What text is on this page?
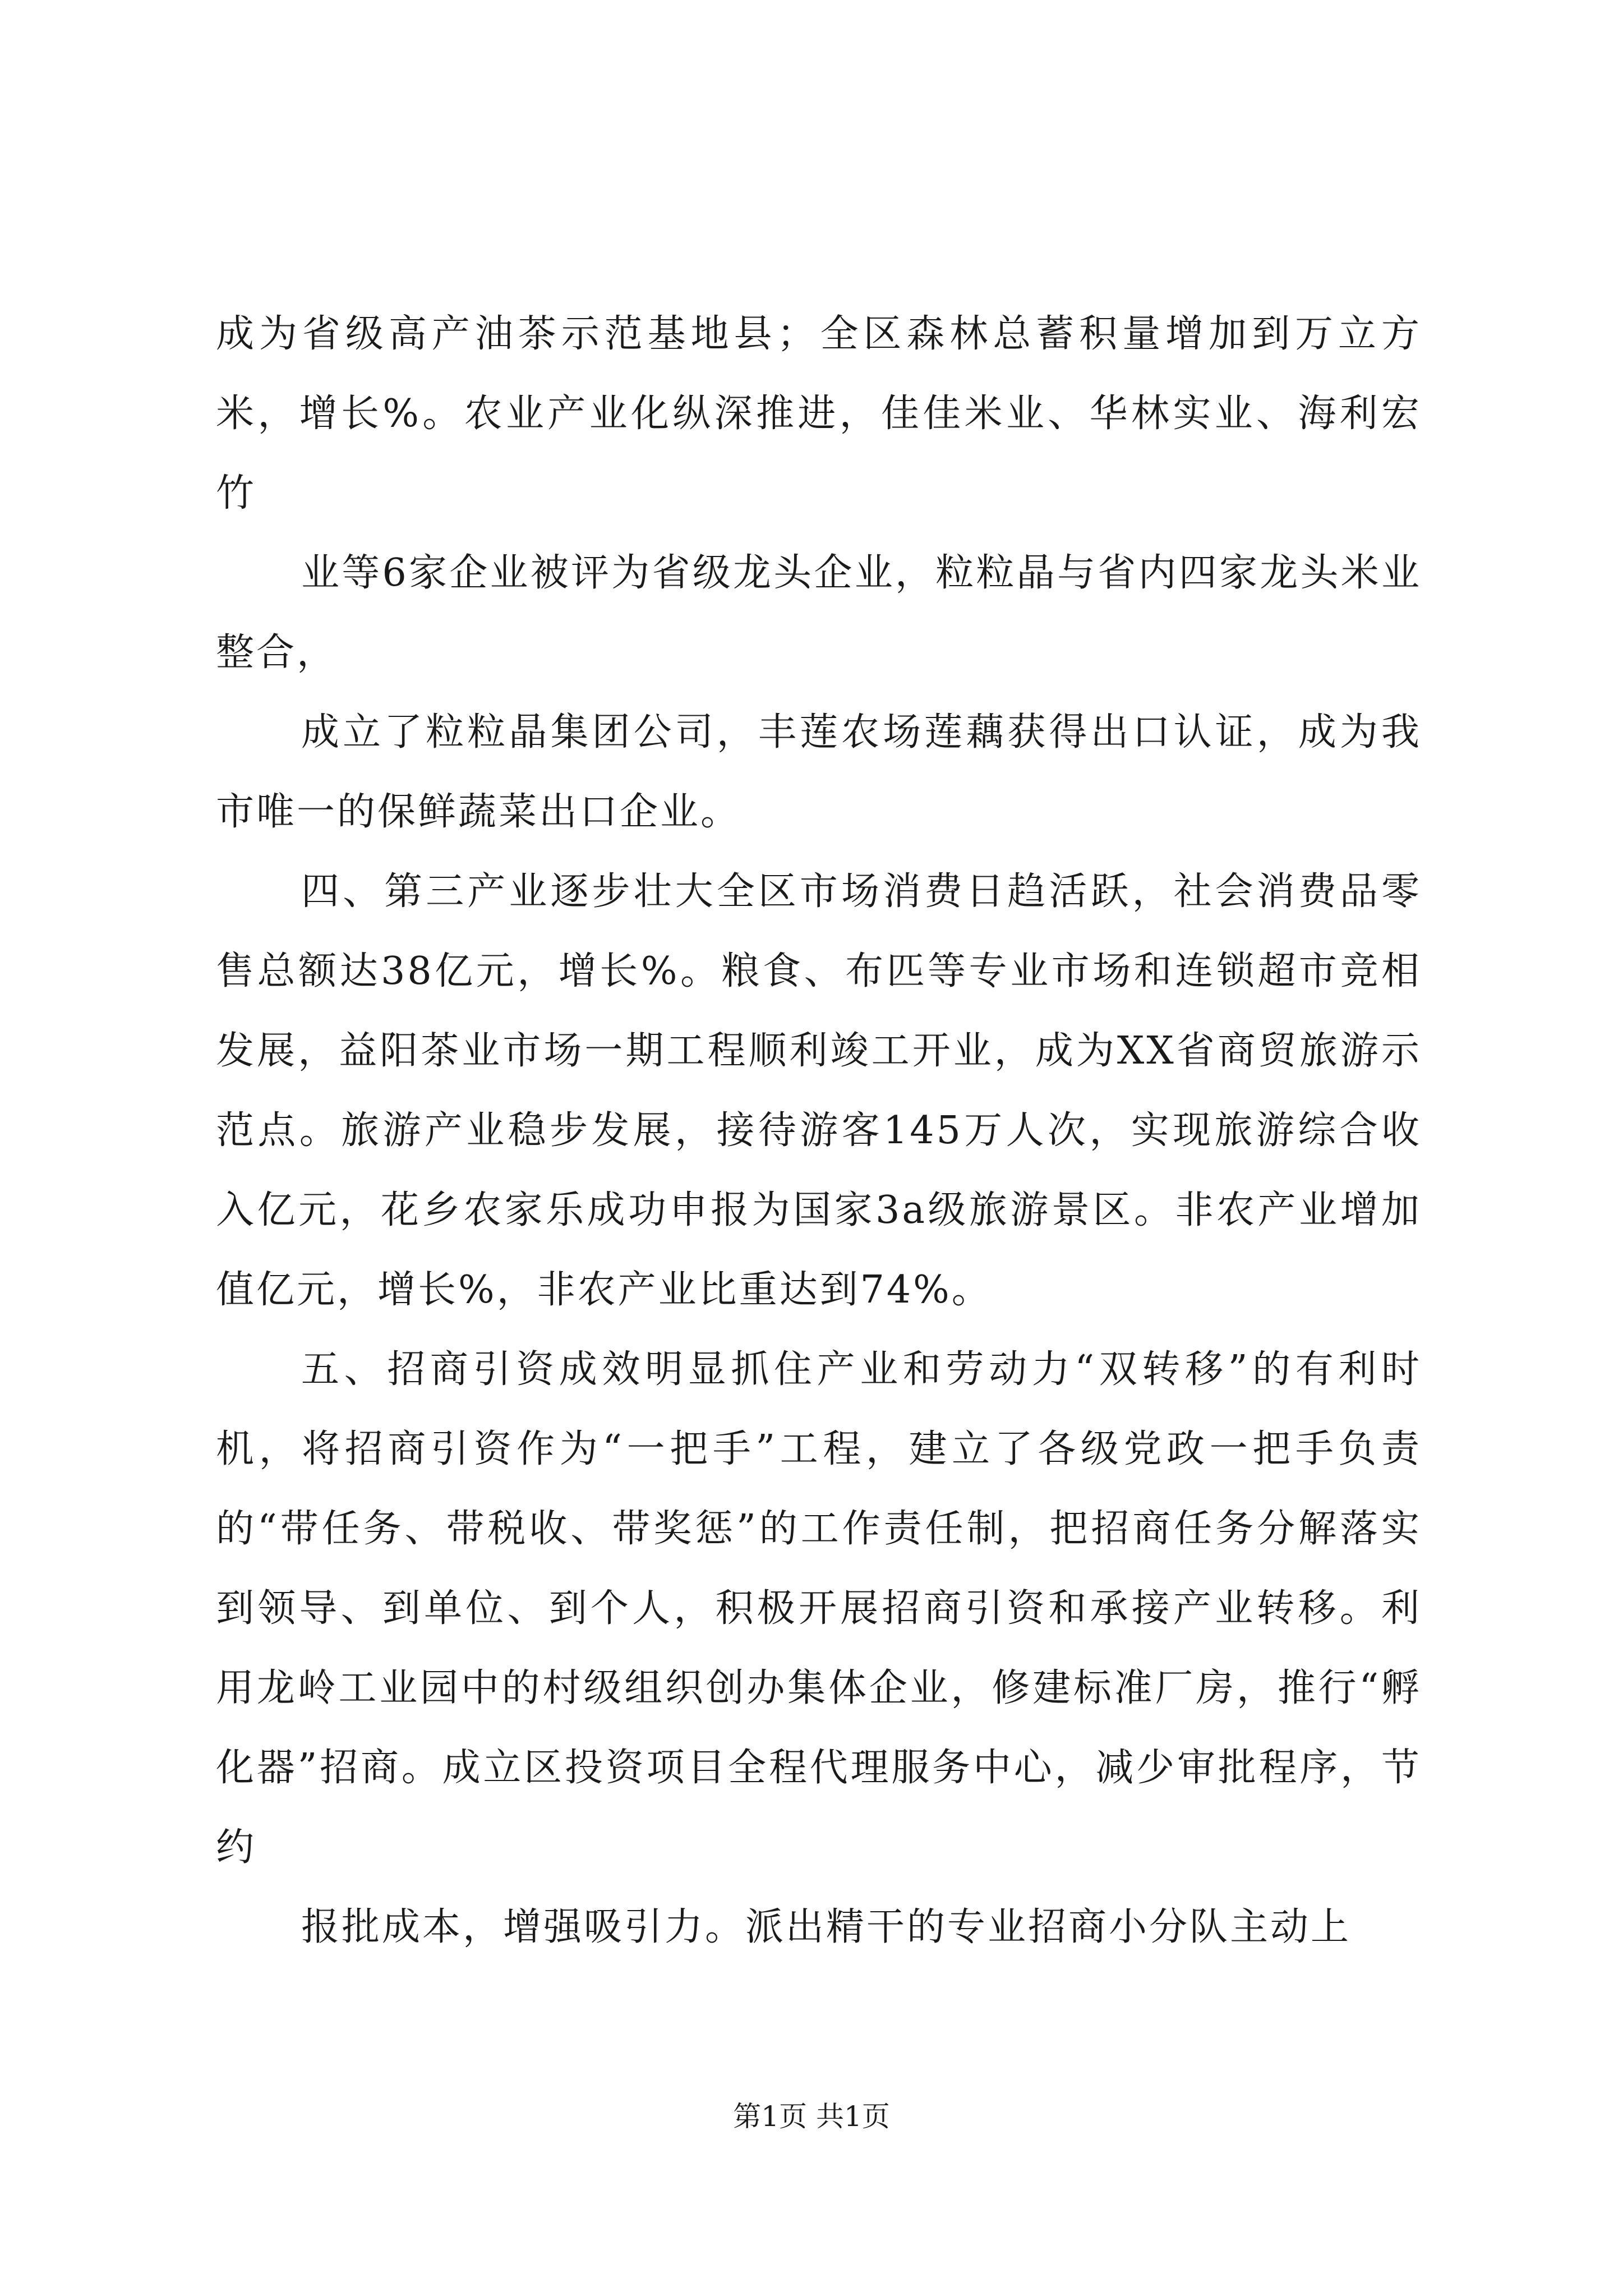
成为省级高产油茶示范基地县；全区森林总蓄积量增加到万立方米，增长%。农业产业化纵深推进，佳佳米业、华林实业、海利宏竹

业等6家企业被评为省级龙头企业，粒粒晶与省内四家龙头米业整合，

成立了粒粒晶集团公司，丰莲农场莲藕获得出口认证，成为我市唯一的保鲜蔬菜出口企业。

四、第三产业逐步壮大全区市场消费日趋活跃，社会消费品零售总额达38亿元，增长%。粮食、布匹等专业市场和连锁超市竞相发展，益阳茶业市场一期工程顺利竣工开业，成为XX省商贸旅游示范点。旅游产业稳步发展，接待游客145万人次，实现旅游综合收入亿元，花乡农家乐成功申报为国家3a级旅游景区。非农产业增加值亿元，增长%，非农产业比重达到74%。

五、招商引资成效明显抓住产业和劳动力“双转移”的有利时机，将招商引资作为“一把手”工程，建立了各级党政一把手负责的“带任务、带税收、带奖惩”的工作责任制，把招商任务分解落实到领导、到单位、到个人，积极开展招商引资和承接产业转移。利用龙岭工业园中的村级组织创办集体企业，修建标准厂房，推行“孵化器”招商。成立区投资项目全程代理服务中心，减少审批程序，节约

报批成本，增强吸引力。派出精干的专业招商小分队主动上

第1页 共1页
